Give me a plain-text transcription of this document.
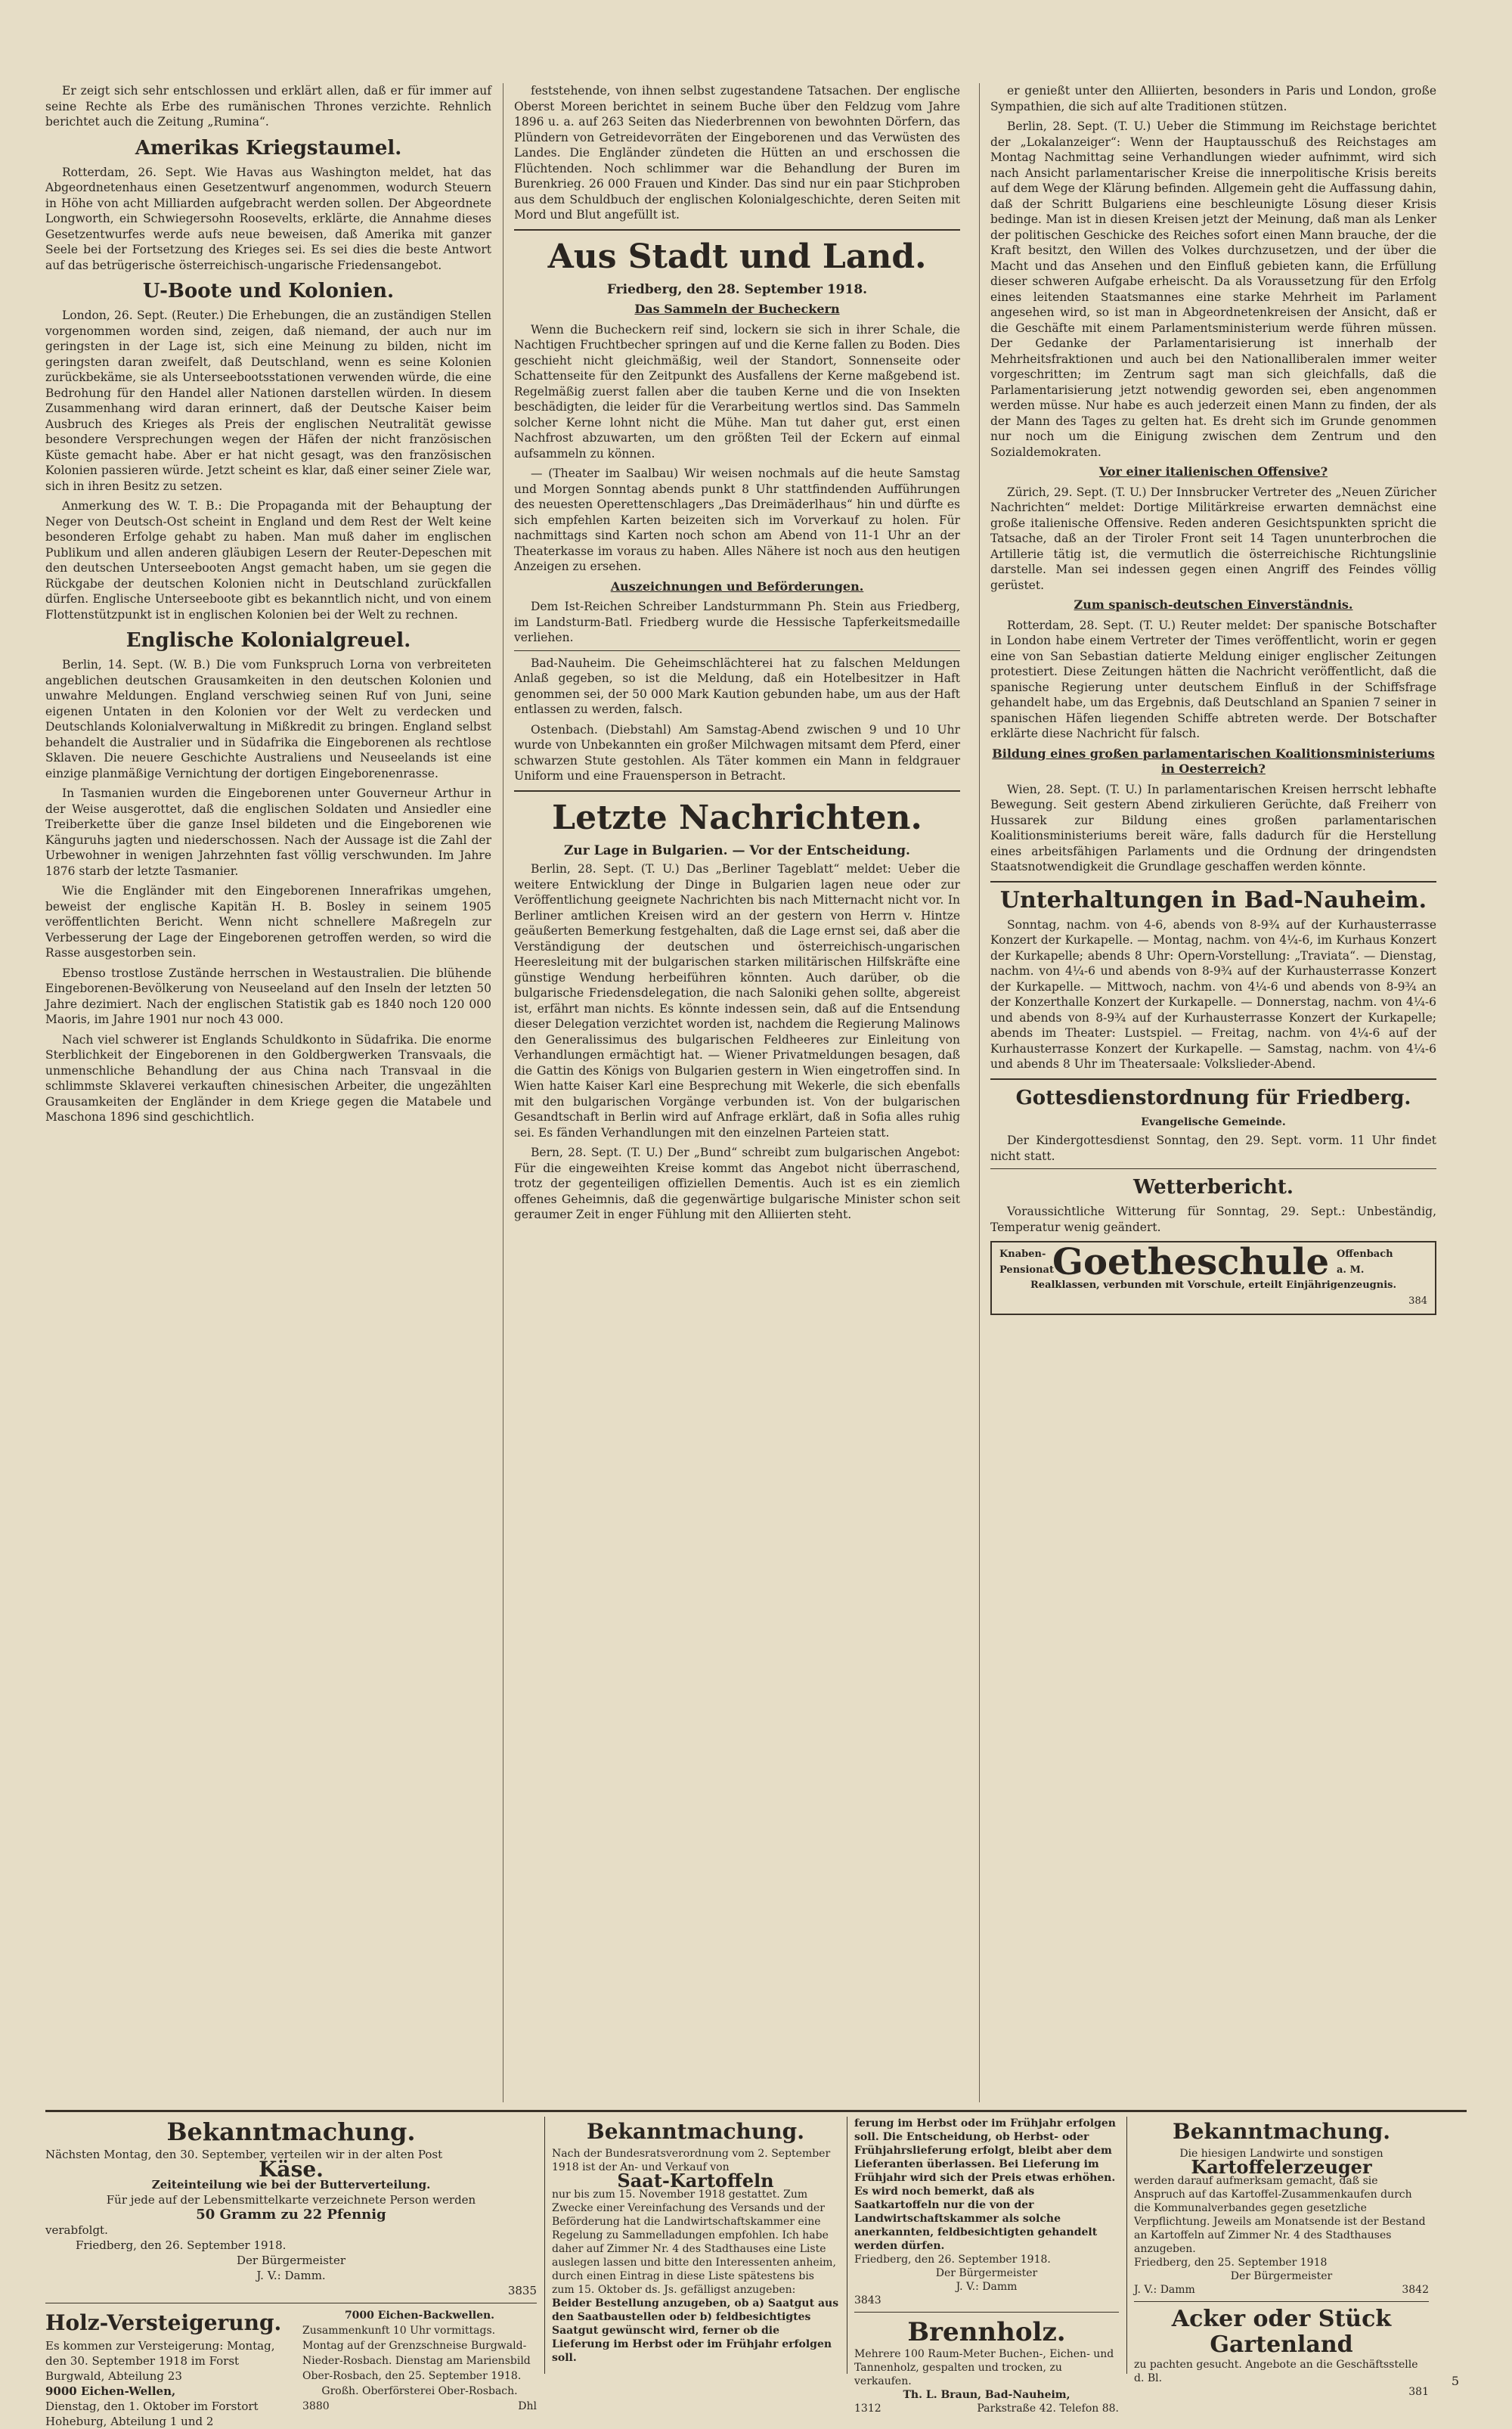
Er zeigt sich sehr entschlossen und erklärt allen, daß er für immer auf seine Rechte als Erbe des rumänischen Thrones verzichte. Rehnlich berichtet auch die Zeitung „Rumina“.

Amerikas Kriegstaumel.

Rotterdam, 26. Sept. Wie Havas aus Washington meldet, hat das Abgeordnetenhaus einen Gesetzentwurf angenommen, wodurch Steuern in Höhe von acht Milliarden aufgebracht werden sollen. Der Abgeordnete Longworth, ein Schwiegersohn Roosevelts, erklärte, die Annahme dieses Gesetzentwurfes werde aufs neue beweisen, daß Amerika mit ganzer Seele bei der Fortsetzung des Krieges sei. Es sei dies die beste Antwort auf das betrügerische österreichisch-ungarische Friedensangebot.

U-Boote und Kolonien.

London, 26. Sept. (Reuter.) Die Erhebungen, die an zuständigen Stellen vorgenommen worden sind, zeigen, daß niemand, der auch nur im geringsten in der Lage ist, sich eine Meinung zu bilden, nicht im geringsten daran zweifelt, daß Deutschland, wenn es seine Kolonien zurückbekäme, sie als Unterseebootsstationen verwenden würde, die eine Bedrohung für den Handel aller Nationen darstellen würden. In diesem Zusammenhang wird daran erinnert, daß der Deutsche Kaiser beim Ausbruch des Krieges als Preis der englischen Neutralität gewisse besondere Versprechungen wegen der Häfen der nicht französischen Küste gemacht habe. Aber er hat nicht gesagt, was den französischen Kolonien passieren würde. Jetzt scheint es klar, daß einer seiner Ziele war, sich in ihren Besitz zu setzen.

Anmerkung des W. T. B.: Die Propaganda mit der Behauptung der Neger von Deutsch-Ost scheint in England und dem Rest der Welt keine besonderen Erfolge gehabt zu haben. Man muß daher im englischen Publikum und allen anderen gläubigen Lesern der Reuter-Depeschen mit den deutschen Unterseebooten Angst gemacht haben, um sie gegen die Rückgabe der deutschen Kolonien nicht in Deutschland zurückfallen dürfen. Englische Unterseeboote gibt es bekanntlich nicht, und von einem Flottenstützpunkt ist in englischen Kolonien bei der Welt zu rechnen.

Englische Kolonialgreuel.

Berlin, 14. Sept. (W. B.) Die vom Funkspruch Lorna von verbreiteten angeblichen deutschen Grausamkeiten in den deutschen Kolonien und unwahre Meldungen. England verschwieg seinen Ruf von Juni, seine eigenen Untaten in den Kolonien vor der Welt zu verdecken und Deutschlands Kolonialverwaltung in Mißkredit zu bringen. England selbst behandelt die Australier und in Südafrika die Eingeborenen als rechtlose Sklaven. Die neuere Geschichte Australiens und Neuseelands ist eine einzige planmäßige Vernichtung der dortigen Eingeborenenrasse.

In Tasmanien wurden die Eingeborenen unter Gouverneur Arthur in der Weise ausgerottet, daß die englischen Soldaten und Ansiedler eine Treiberkette über die ganze Insel bildeten und die Eingeborenen wie Känguruhs jagten und niederschossen. Nach der Aussage ist die Zahl der Urbewohner in wenigen Jahrzehnten fast völlig verschwunden. Im Jahre 1876 starb der letzte Tasmanier.

Wie die Engländer mit den Eingeborenen Innerafrikas umgehen, beweist der englische Kapitän H. B. Bosley in seinem 1905 veröffentlichten Bericht. Wenn nicht schnellere Maßregeln zur Verbesserung der Lage der Eingeborenen getroffen werden, so wird die Rasse ausgestorben sein.

Ebenso trostlose Zustände herrschen in Westaustralien. Die blühende Eingeborenen-Bevölkerung von Neuseeland auf den Inseln der letzten 50 Jahre dezimiert. Nach der englischen Statistik gab es 1840 noch 120 000 Maoris, im Jahre 1901 nur noch 43 000.

Nach viel schwerer ist Englands Schuldkonto in Südafrika. Die enorme Sterblichkeit der Eingeborenen in den Goldbergwerken Transvaals, die unmenschliche Behandlung der aus China nach Transvaal in die schlimmste Sklaverei verkauften chinesischen Arbeiter, die ungezählten Grausamkeiten der Engländer in dem Kriege gegen die Matabele und Maschona 1896 sind geschichtlich.

feststehende, von ihnen selbst zugestandene Tatsachen. Der englische Oberst Moreen berichtet in seinem Buche über den Feldzug vom Jahre 1896 u. a. auf 263 Seiten das Niederbrennen von bewohnten Dörfern, das Plündern von Getreidevorräten der Eingeborenen und das Verwüsten des Landes. Die Engländer zündeten die Hütten an und erschossen die Flüchtenden. Noch schlimmer war die Behandlung der Buren im Burenkrieg. 26 000 Frauen und Kinder. Das sind nur ein paar Stichproben aus dem Schuldbuch der englischen Kolonialgeschichte, deren Seiten mit Mord und Blut angefüllt ist.

Aus Stadt und Land.
Friedberg, den 28. September 1918.
Das Sammeln der Bucheckern

Wenn die Bucheckern reif sind, lockern sie sich in ihrer Schale, die Nachtigen Fruchtbecher springen auf und die Kerne fallen zu Boden. Dies geschieht nicht gleichmäßig, weil der Standort, Sonnenseite oder Schattenseite für den Zeitpunkt des Ausfallens der Kerne maßgebend ist. Regelmäßig zuerst fallen aber die tauben Kerne und die von Insekten beschädigten, die leider für die Verarbeitung wertlos sind. Das Sammeln solcher Kerne lohnt nicht die Mühe. Man tut daher gut, erst einen Nachfrost abzuwarten, um den größten Teil der Eckern auf einmal aufsammeln zu können.

— (Theater im Saalbau) Wir weisen nochmals auf die heute Samstag und Morgen Sonntag abends punkt 8 Uhr stattfindenden Aufführungen des neuesten Operettenschlagers „Das Dreimäderlhaus“ hin und dürfte es sich empfehlen Karten beizeiten sich im Vorverkauf zu holen. Für nachmittags sind Karten noch schon am Abend von 11-1 Uhr an der Theaterkasse im voraus zu haben. Alles Nähere ist noch aus den heutigen Anzeigen zu ersehen.

Auszeichnungen und Beförderungen.

Dem Ist-Reichen Schreiber Landsturmmann Ph. Stein aus Friedberg, im Landsturm-Batl. Friedberg wurde die Hessische Tapferkeitsmedaille verliehen.

Bad-Nauheim. Die Geheimschlächterei hat zu falschen Meldungen Anlaß gegeben, so ist die Meldung, daß ein Hotelbesitzer in Haft genommen sei, der 50 000 Mark Kaution gebunden habe, um aus der Haft entlassen zu werden, falsch.

Ostenbach. (Diebstahl) Am Samstag-Abend zwischen 9 und 10 Uhr wurde von Unbekannten ein großer Milchwagen mitsamt dem Pferd, einer schwarzen Stute gestohlen. Als Täter kommen ein Mann in feldgrauer Uniform und eine Frauensperson in Betracht.

Letzte Nachrichten.
Zur Lage in Bulgarien. — Vor der Entscheidung.

Berlin, 28. Sept. (T. U.) Das „Berliner Tageblatt“ meldet: Ueber die weitere Entwicklung der Dinge in Bulgarien lagen neue oder zur Veröffentlichung geeignete Nachrichten bis nach Mitternacht nicht vor. In Berliner amtlichen Kreisen wird an der gestern von Herrn v. Hintze geäußerten Bemerkung festgehalten, daß die Lage ernst sei, daß aber die Verständigung der deutschen und österreichisch-ungarischen Heeresleitung mit der bulgarischen starken militärischen Hilfskräfte eine günstige Wendung herbeiführen könnten. Auch darüber, ob die bulgarische Friedensdelegation, die nach Saloniki gehen sollte, abgereist ist, erfährt man nichts. Es könnte indessen sein, daß auf die Entsendung dieser Delegation verzichtet worden ist, nachdem die Regierung Malinows den Generalissimus des bulgarischen Feldheeres zur Einleitung von Verhandlungen ermächtigt hat. — Wiener Privatmeldungen besagen, daß die Gattin des Königs von Bulgarien gestern in Wien eingetroffen sind. In Wien hatte Kaiser Karl eine Besprechung mit Wekerle, die sich ebenfalls mit den bulgarischen Vorgänge verbunden ist. Von der bulgarischen Gesandtschaft in Berlin wird auf Anfrage erklärt, daß in Sofia alles ruhig sei. Es fänden Verhandlungen mit den einzelnen Parteien statt.

Bern, 28. Sept. (T. U.) Der „Bund“ schreibt zum bulgarischen Angebot: Für die eingeweihten Kreise kommt das Angebot nicht überraschend, trotz der gegenteiligen offiziellen Dementis. Auch ist es ein ziemlich offenes Geheimnis, daß die gegenwärtige bulgarische Minister schon seit geraumer Zeit in enger Fühlung mit den Alliierten steht.

er genießt unter den Alliierten, besonders in Paris und London, große Sympathien, die sich auf alte Traditionen stützen.

Berlin, 28. Sept. (T. U.) Ueber die Stimmung im Reichstage berichtet der „Lokalanzeiger“: Wenn der Hauptausschuß des Reichstages am Montag Nachmittag seine Verhandlungen wieder aufnimmt, wird sich nach Ansicht parlamentarischer Kreise die innerpolitische Krisis bereits auf dem Wege der Klärung befinden. Allgemein geht die Auffassung dahin, daß der Schritt Bulgariens eine beschleunigte Lösung dieser Krisis bedinge. Man ist in diesen Kreisen jetzt der Meinung, daß man als Lenker der politischen Geschicke des Reiches sofort einen Mann brauche, der die Kraft besitzt, den Willen des Volkes durchzusetzen, und der über die Macht und das Ansehen und den Einfluß gebieten kann, die Erfüllung dieser schweren Aufgabe erheischt. Da als Voraussetzung für den Erfolg eines leitenden Staatsmannes eine starke Mehrheit im Parlament angesehen wird, so ist man in Abgeordnetenkreisen der Ansicht, daß er die Geschäfte mit einem Parlamentsministerium werde führen müssen. Der Gedanke der Parlamentarisierung ist innerhalb der Mehrheitsfraktionen und auch bei den Nationalliberalen immer weiter vorgeschritten; im Zentrum sagt man sich gleichfalls, daß die Parlamentarisierung jetzt notwendig geworden sei, eben angenommen werden müsse. Nur habe es auch jederzeit einen Mann zu finden, der als der Mann des Tages zu gelten hat. Es dreht sich im Grunde genommen nur noch um die Einigung zwischen dem Zentrum und den Sozialdemokraten.

Vor einer italienischen Offensive?

Zürich, 29. Sept. (T. U.) Der Innsbrucker Vertreter des „Neuen Züricher Nachrichten“ meldet: Dortige Militärkreise erwarten demnächst eine große italienische Offensive. Reden anderen Gesichtspunkten spricht die Tatsache, daß an der Tiroler Front seit 14 Tagen ununterbrochen die Artillerie tätig ist, die vermutlich die österreichische Richtungslinie darstelle. Man sei indessen gegen einen Angriff des Feindes völlig gerüstet.

Zum spanisch-deutschen Einverständnis.

Rotterdam, 28. Sept. (T. U.) Reuter meldet: Der spanische Botschafter in London habe einem Vertreter der Times veröffentlicht, worin er gegen eine von San Sebastian datierte Meldung einiger englischer Zeitungen protestiert. Diese Zeitungen hätten die Nachricht veröffentlicht, daß die spanische Regierung unter deutschem Einfluß in der Schiffsfrage gehandelt habe, um das Ergebnis, daß Deutschland an Spanien 7 seiner in spanischen Häfen liegenden Schiffe abtreten werde. Der Botschafter erklärte diese Nachricht für falsch.

Bildung eines großen parlamentarischen Koalitionsministeriums in Oesterreich?

Wien, 28. Sept. (T. U.) In parlamentarischen Kreisen herrscht lebhafte Bewegung. Seit gestern Abend zirkulieren Gerüchte, daß Freiherr von Hussarek zur Bildung eines großen parlamentarischen Koalitionsministeriums bereit wäre, falls dadurch für die Herstellung eines arbeitsfähigen Parlaments und die Ordnung der dringendsten Staatsnotwendigkeit die Grundlage geschaffen werden könnte.

Unterhaltungen in Bad-Nauheim.

Sonntag, nachm. von 4-6, abends von 8-9¾ auf der Kurhausterrasse Konzert der Kurkapelle. — Montag, nachm. von 4¼-6, im Kurhaus Konzert der Kurkapelle; abends 8 Uhr: Opern-Vorstellung: „Traviata“. — Dienstag, nachm. von 4¼-6 und abends von 8-9¾ auf der Kurhausterrasse Konzert der Kurkapelle. — Mittwoch, nachm. von 4¼-6 und abends von 8-9¾ an der Konzerthalle Konzert der Kurkapelle. — Donnerstag, nachm. von 4¼-6 und abends von 8-9¾ auf der Kurhausterrasse Konzert der Kurkapelle; abends im Theater: Lustspiel. — Freitag, nachm. von 4¼-6 auf der Kurhausterrasse Konzert der Kurkapelle. — Samstag, nachm. von 4¼-6 und abends 8 Uhr im Theatersaale: Volkslieder-Abend.

Gottesdienstordnung für Friedberg.
Evangelische Gemeinde.

Der Kindergottesdienst Sonntag, den 29. Sept. vorm. 11 Uhr findet nicht statt.

Wetterbericht.

Voraussichtliche Witterung für Sonntag, 29. Sept.: Unbeständig, Temperatur wenig geändert.

Knaben-Pensionat
Goetheschule Offenbach a. M.
Realklassen, verbunden mit Vorschule, erteilt Einjährigenzeugnis.
384
Bekanntmachung.
Nächsten Montag, den 30. September, verteilen wir in der alten Post
Käse.
Zeiteinteilung wie bei der Butterverteilung.
Für jede auf der Lebensmittelkarte verzeichnete Person werden
50 Gramm zu 22 Pfennig
verabfolgt.
Friedberg, den 26. September 1918.
Der Bürgermeister
J. V.: Damm.
3835
Holz-Versteigerung.
Es kommen zur Versteigerung: Montag, den 30. September 1918 im Forst Burgwald, Abteilung 23
9000 Eichen-Wellen,
Dienstag, den 1. Oktober im Forstort Hoheburg, Abteilung 1 und 2
7000 Eichen-Backwellen.
Zusammenkunft 10 Uhr vormittags. Montag auf der Grenzschneise Burgwald-Nieder-Rosbach. Dienstag am Mariensbild
Ober-Rosbach, den 25. September 1918.
Großh. Oberförsterei Ober-Rosbach.
3880	Dhl
Bekanntmachung.
Nach der Bundesratsverordnung vom 2. September 1918 ist der An- und Verkauf von
Saat-Kartoffeln
nur bis zum 15. November 1918 gestattet. Zum Zwecke einer Vereinfachung des Versands und der Beförderung hat die Landwirtschaftskammer eine Regelung zu Sammelladungen empfohlen. Ich habe daher auf Zimmer Nr. 4 des Stadthauses eine Liste auslegen lassen und bitte den Interessenten anheim, durch einen Eintrag in diese Liste spätestens bis zum 15. Oktober ds. Js. gefälligst anzugeben:
Beider Bestellung anzugeben, ob a) Saatgut aus den Saatbaustellen oder b) feldbesichtigtes Saatgut gewünscht wird, ferner ob die Lieferung im Herbst oder im Frühjahr erfolgen soll.
ferung im Herbst oder im Frühjahr erfolgen soll. Die Entscheidung, ob Herbst- oder Frühjahrslieferung erfolgt, bleibt aber dem Lieferanten überlassen. Bei Lieferung im Frühjahr wird sich der Preis etwas erhöhen. Es wird noch bemerkt, daß als Saatkartoffeln nur die von der Landwirtschaftskammer als solche anerkannten, feldbesichtigten gehandelt werden dürfen.
Friedberg, den 26. September 1918.
Der Bürgermeister
J. V.: Damm
3843
Brennholz.
Mehrere 100 Raum-Meter Buchen-, Eichen- und Tannenholz, gespalten und trocken, zu verkaufen.
Th. L. Braun, Bad-Nauheim,
1312	Parkstraße 42. Telefon 88.
Bekanntmachung.
Die hiesigen Landwirte und sonstigen
Kartoffelerzeuger
werden darauf aufmerksam gemacht, daß sie Anspruch auf das Kartoffel-Zusammenkaufen durch die Kommunalverbandes gegen gesetzliche Verpflichtung. Jeweils am Monatsende ist der Bestand an Kartoffeln auf Zimmer Nr. 4 des Stadthauses anzugeben.
Friedberg, den 25. September 1918
Der Bürgermeister
J. V.: Damm	3842
Acker oder Stück Gartenland
zu pachten gesucht. Angebote an die Geschäftsstelle d. Bl.
381
5
